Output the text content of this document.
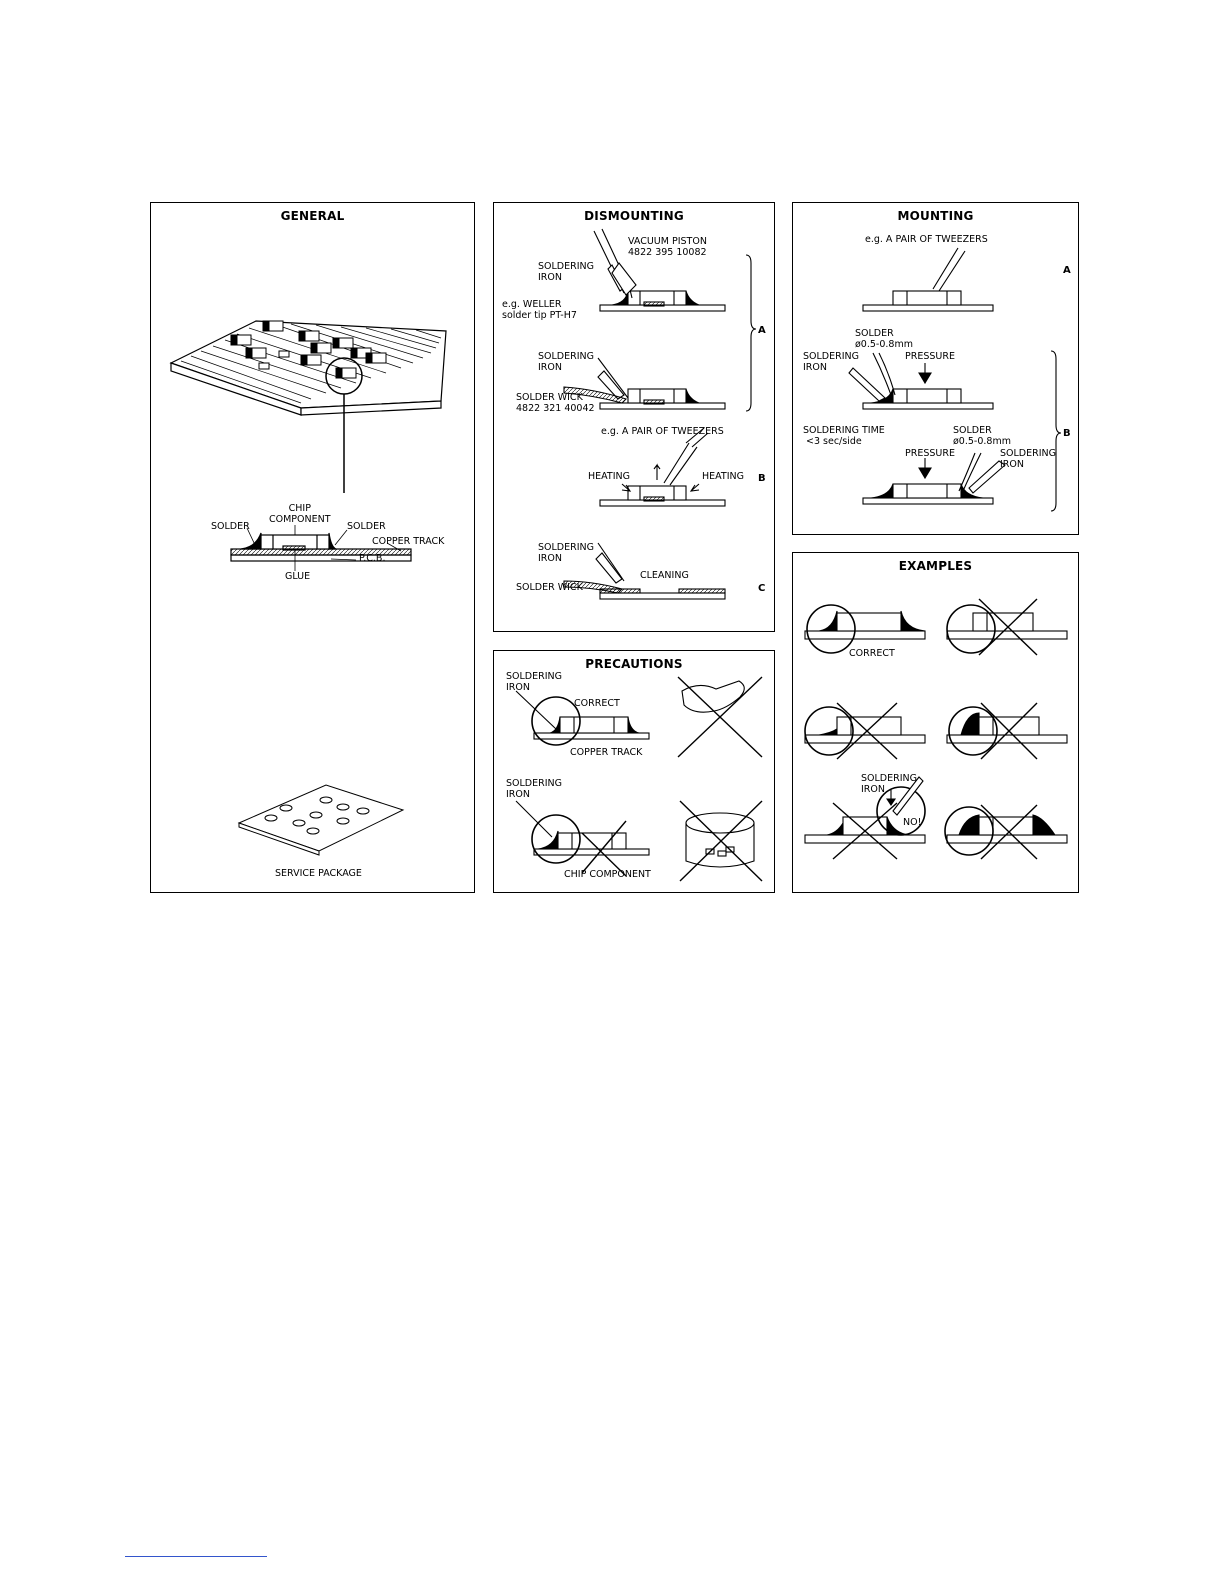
GENERAL
CHIP
COMPONENT
SOLDER	SOLDER
COPPER TRACK
P.C.B.
GLUE
SERVICE PACKAGE
DISMOUNTING
VACUUM PISTON
4822 395 10082
SOLDERING
IRON
e.g. WELLER
solder tip PT-H7
SOLDERING
IRON
SOLDER WICK
4822 321 40042
A
e.g. A PAIR OF TWEEZERS
HEATING	HEATING B
SOLDERING
IRON
SOLDER WICK
CLEANING
C
PRECAUTIONS
SOLDERING
IRON
CORRECT
COPPER TRACK
SOLDERING
IRON
CHIP COMPONENT
MOUNTING
e.g. A PAIR OF TWEEZERS
A
SOLDER
ø0.5-0.8mm
SOLDERING
IRON
PRESSURE
SOLDERING TIME
<3 sec/side
SOLDER
ø0.5-0.8mm
PRESSURE	SOLDERING
IRON
B
EXAMPLES
CORRECT
SOLDERING
IRON
NO!
